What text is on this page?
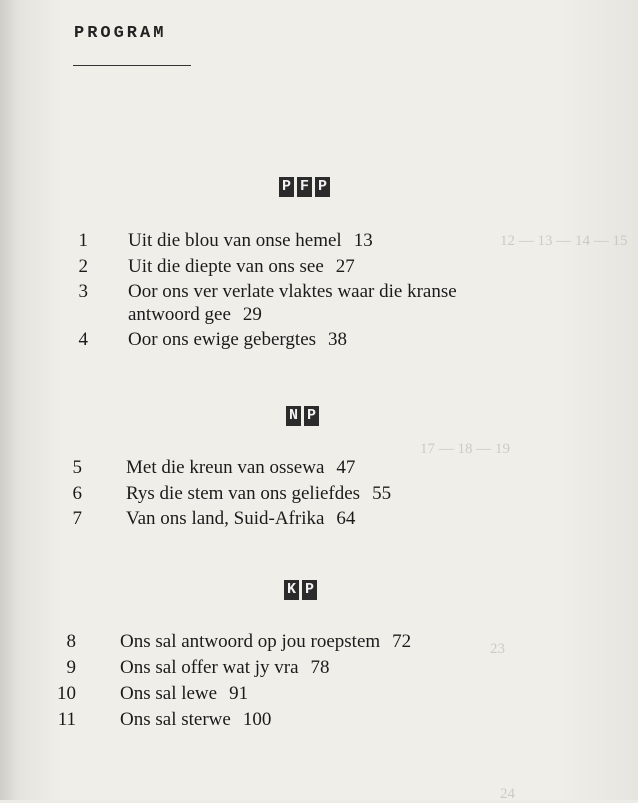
12 — 13 — 14 — 15
17 — 18 — 19
23
24
PROGRAM
P F P
1 Uit die blou van onse hemel 13
2 Uit die diepte van ons see 27
3 Oor ons ver verlate vlaktes waar die kranse
antwoord gee 29
4 Oor ons ewige gebergtes 38
N P
5 Met die kreun van ossewa 47
6 Rys die stem van ons geliefdes 55
7 Van ons land, Suid-Afrika 64
K P
8 Ons sal antwoord op jou roepstem 72
9 Ons sal offer wat jy vra 78
10 Ons sal lewe 91
11 Ons sal sterwe 100
